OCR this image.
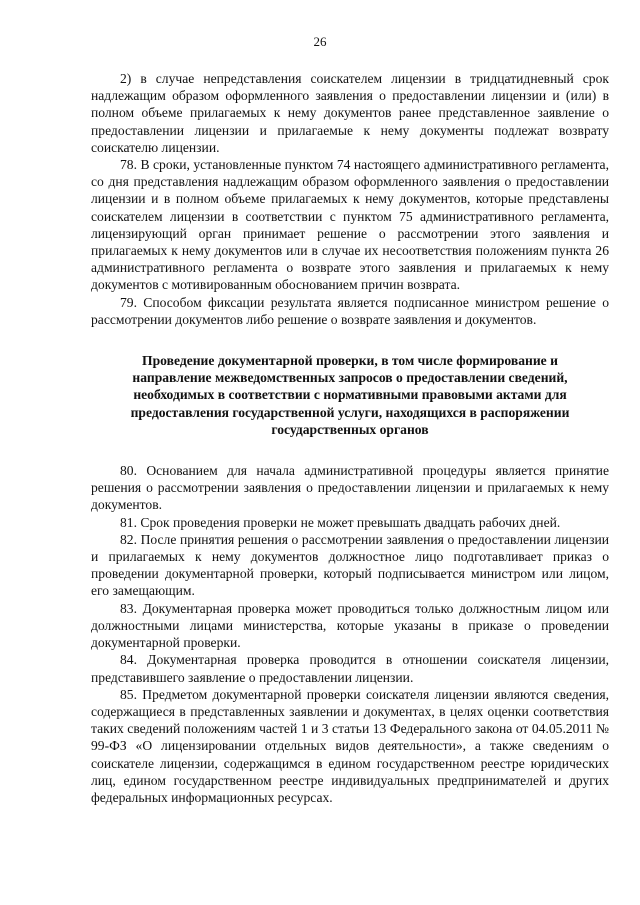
26

2) в случае непредставления соискателем лицензии в тридцатидневный срок надлежащим образом оформленного заявления о предоставлении лицензии и (или) в полном объеме прилагаемых к нему документов ранее представленное заявление о предоставлении лицензии и прилагаемые к нему документы подлежат возврату соискателю лицензии.

78. В сроки, установленные пунктом 74 настоящего административного регламента, со дня представления надлежащим образом оформленного заявления о предоставлении лицензии и в полном объеме прилагаемых к нему документов, которые представлены соискателем лицензии в соответствии с пунктом 75 административного регламента, лицензирующий орган принимает решение о рассмотрении этого заявления и прилагаемых к нему документов или в случае их несоответствия положениям пункта 26 административного регламента о возврате этого заявления и прилагаемых к нему документов с мотивированным обоснованием причин возврата.

79. Способом фиксации результата является подписанное министром решение о рассмотрении документов либо решение о возврате заявления и документов.

Проведение документарной проверки, в том числе формирование и направление межведомственных запросов о предоставлении сведений, необходимых в соответствии с нормативными правовыми актами для предоставления государственной услуги, находящихся в распоряжении государственных органов

80. Основанием для начала административной процедуры является принятие решения о рассмотрении заявления о предоставлении лицензии и прилагаемых к нему документов.

81. Срок проведения проверки не может превышать двадцать рабочих дней.

82. После принятия решения о рассмотрении заявления о предоставлении лицензии и прилагаемых к нему документов должностное лицо подготавливает приказ о проведении документарной проверки, который подписывается министром или лицом, его замещающим.

83. Документарная проверка может проводиться только должностным лицом или должностными лицами министерства, которые указаны в приказе о проведении документарной проверки.

84. Документарная проверка проводится в отношении соискателя лицензии, представившего заявление о предоставлении лицензии.

85. Предметом документарной проверки соискателя лицензии являются сведения, содержащиеся в представленных заявлении и документах, в целях оценки соответствия таких сведений положениям частей 1 и 3 статьи 13 Федерального закона от 04.05.2011 № 99-ФЗ «О лицензировании отдельных видов деятельности», а также сведениям о соискателе лицензии, содержащимся в едином государственном реестре юридических лиц, едином государственном реестре индивидуальных предпринимателей и других федеральных информационных ресурсах.
